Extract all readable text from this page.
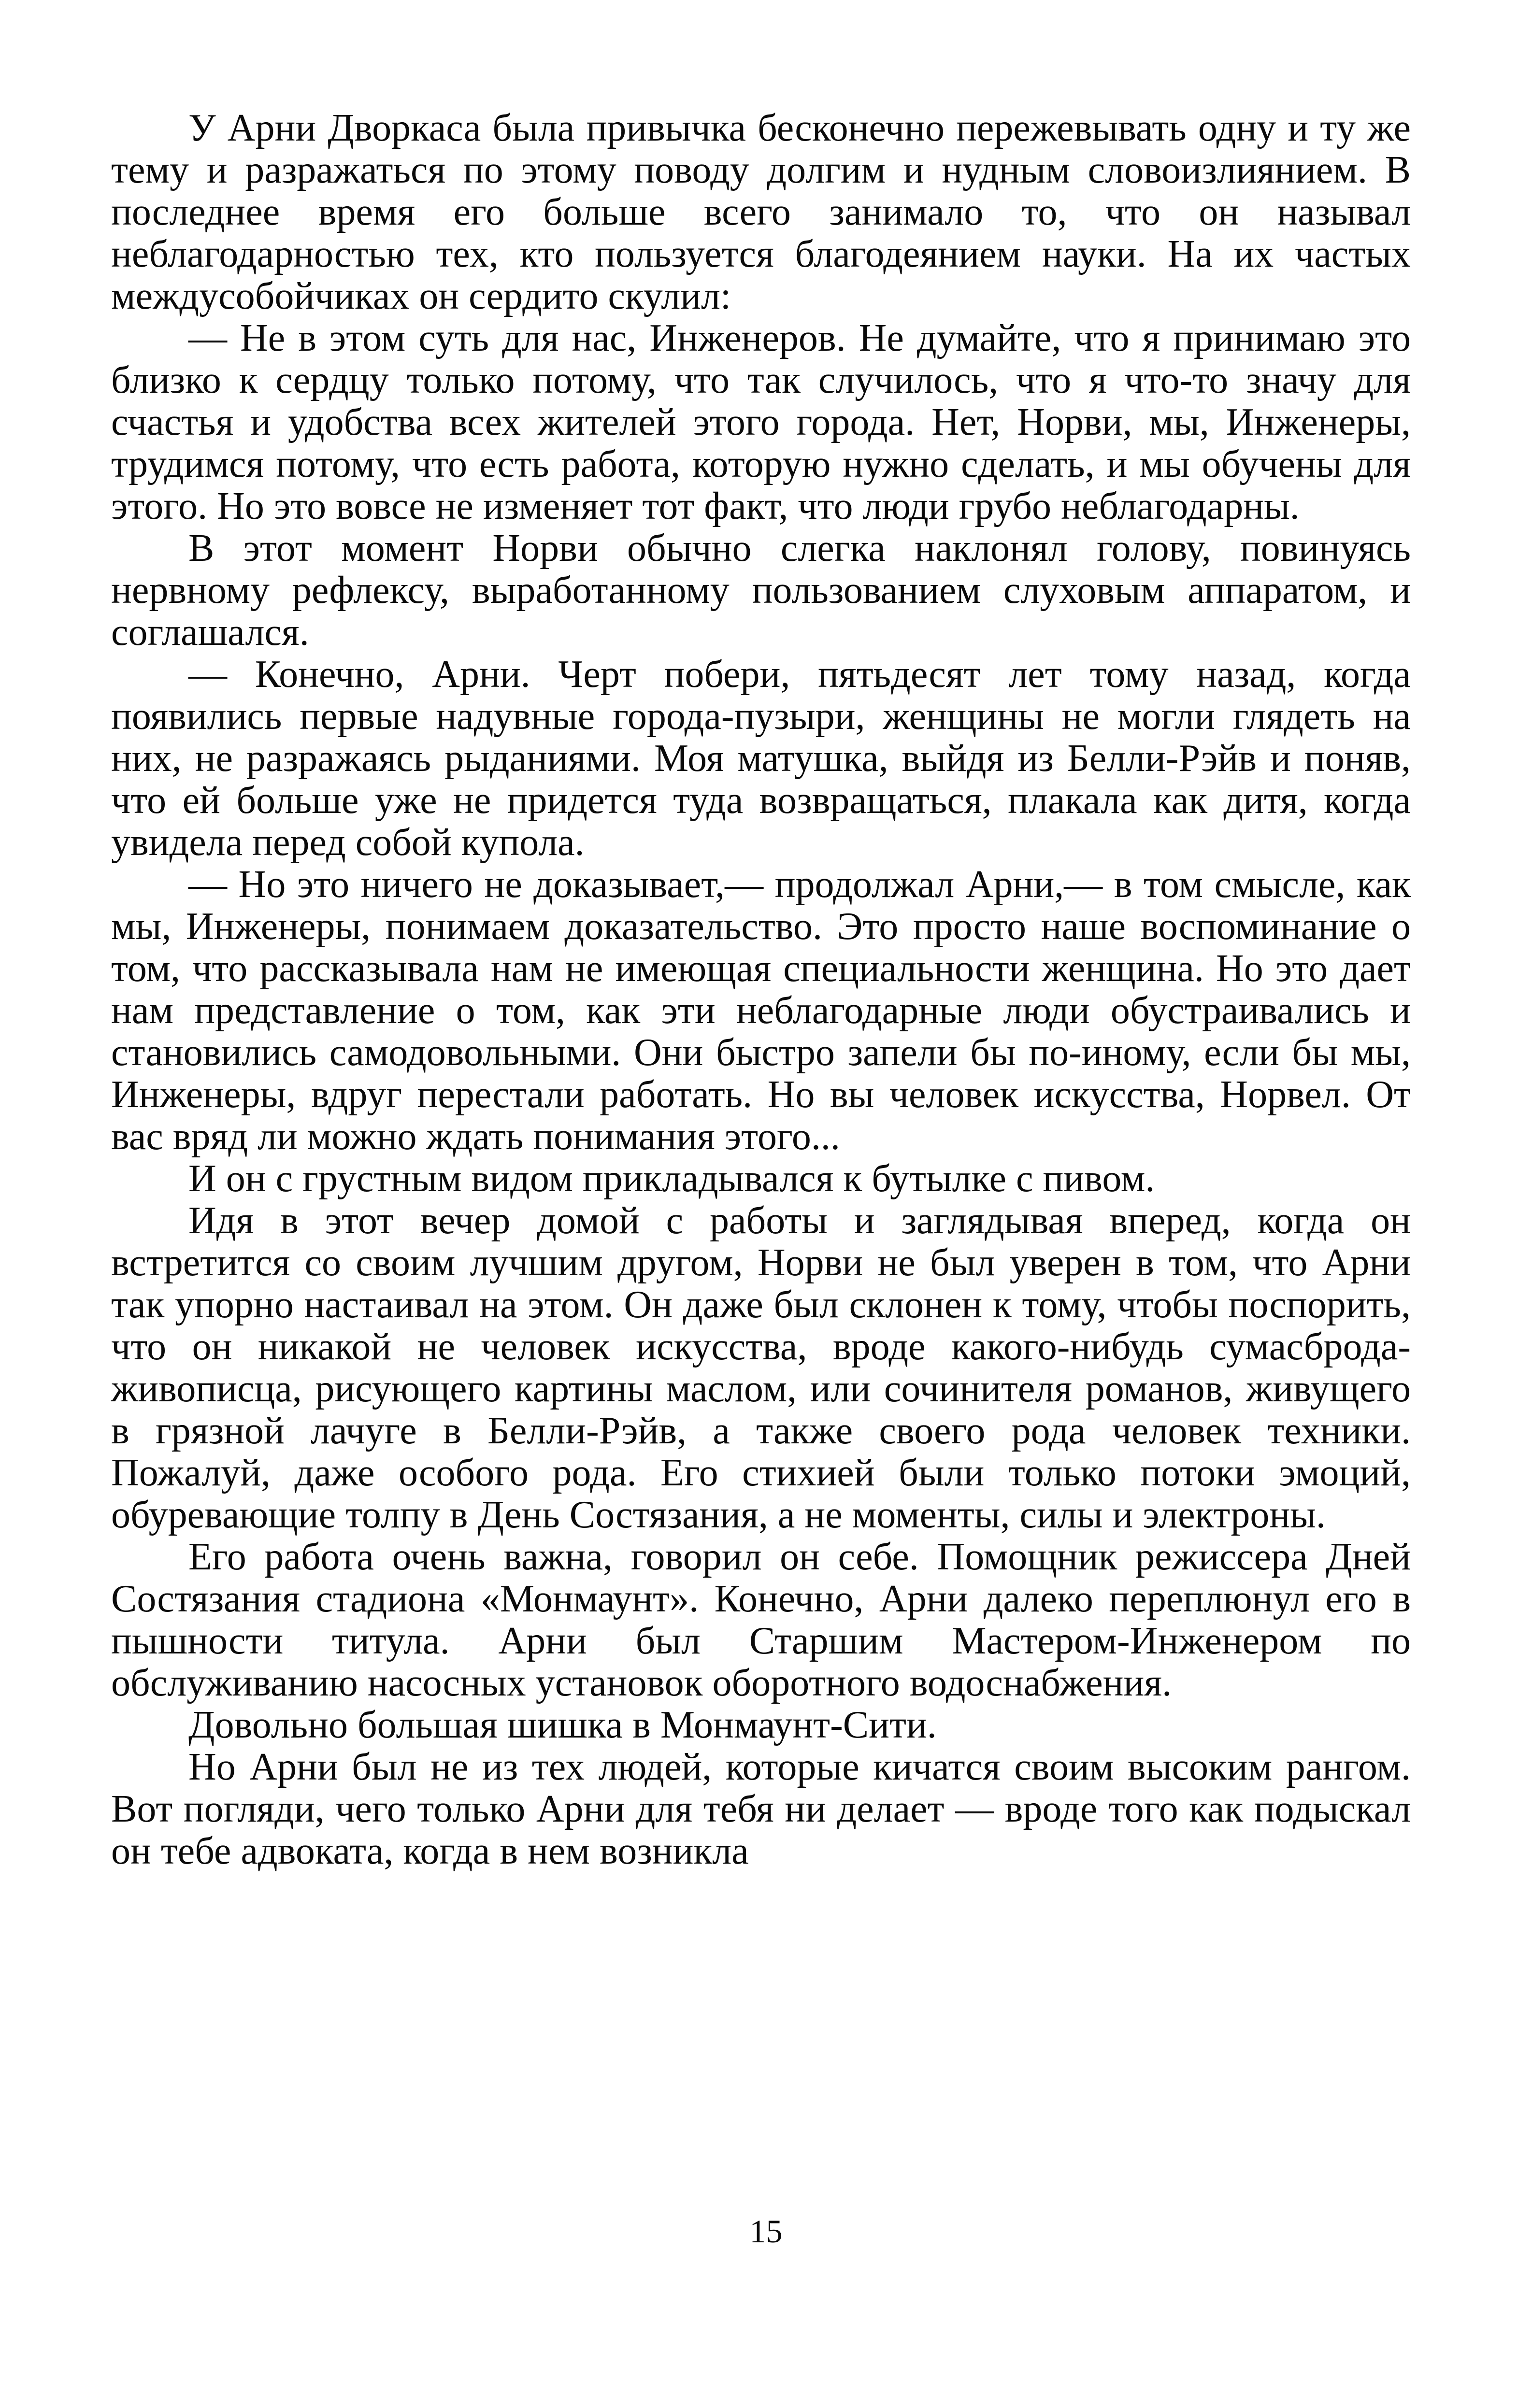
У Арни Дворкаса была привычка бесконечно пережевывать одну и ту же тему и разражаться по этому поводу долгим и нудным словоизлиянием. В последнее время его больше всего занимало то, что он называл неблагодарностью тех, кто пользуется благодеянием науки. На их частых междусобойчиках он сердито скулил:

— Не в этом суть для нас, Инженеров. Не думайте, что я принимаю это близко к сердцу только потому, что так случилось, что я что-то значу для счастья и удобства всех жителей этого города. Нет, Норви, мы, Инженеры, трудимся потому, что есть работа, которую нужно сделать, и мы обучены для этого. Но это вовсе не изменяет тот факт, что люди грубо неблагодарны.

В этот момент Норви обычно слегка наклонял голову, повинуясь нервному рефлексу, выработанному пользованием слуховым аппаратом, и соглашался.

— Конечно, Арни. Черт побери, пятьдесят лет тому назад, когда появились первые надувные города-пузыри, женщины не могли глядеть на них, не разражаясь рыданиями. Моя матушка, выйдя из Белли-Рэйв и поняв, что ей больше уже не придется туда возвращаться, плакала как дитя, когда увидела перед собой купола.

— Но это ничего не доказывает,— продолжал Арни,— в том смысле, как мы, Инженеры, понимаем доказательство. Это просто наше воспоминание о том, что рассказывала нам не имеющая специальности женщина. Но это дает нам представление о том, как эти неблагодарные люди обустраивались и становились самодовольными. Они быстро запели бы по-иному, если бы мы, Инженеры, вдруг перестали работать. Но вы человек искусства, Норвел. От вас вряд ли можно ждать понимания этого...

И он с грустным видом прикладывался к бутылке с пивом.

Идя в этот вечер домой с работы и заглядывая вперед, когда он встретится со своим лучшим другом, Норви не был уверен в том, что Арни так упорно настаивал на этом. Он даже был склонен к тому, чтобы поспорить, что он никакой не человек искусства, вроде какого-нибудь сумасброда-живописца, рисующего картины маслом, или сочинителя романов, живущего в грязной лачуге в Белли-Рэйв, а также своего рода человек техники. Пожалуй, даже особого рода. Его стихией были только потоки эмоций, обуревающие толпу в День Состязания, а не моменты, силы и электроны.

Его работа очень важна, говорил он себе. Помощник режиссера Дней Состязания стадиона «Монмаунт». Конечно, Арни далеко переплюнул его в пышности титула. Арни был Старшим Мастером-Инженером по обслуживанию насосных установок оборотного водоснабжения.

Довольно большая шишка в Монмаунт-Сити.

Но Арни был не из тех людей, которые кичатся своим высоким рангом. Вот погляди, чего только Арни для тебя ни делает — вроде того как подыскал он тебе адвоката, когда в нем возникла

15
